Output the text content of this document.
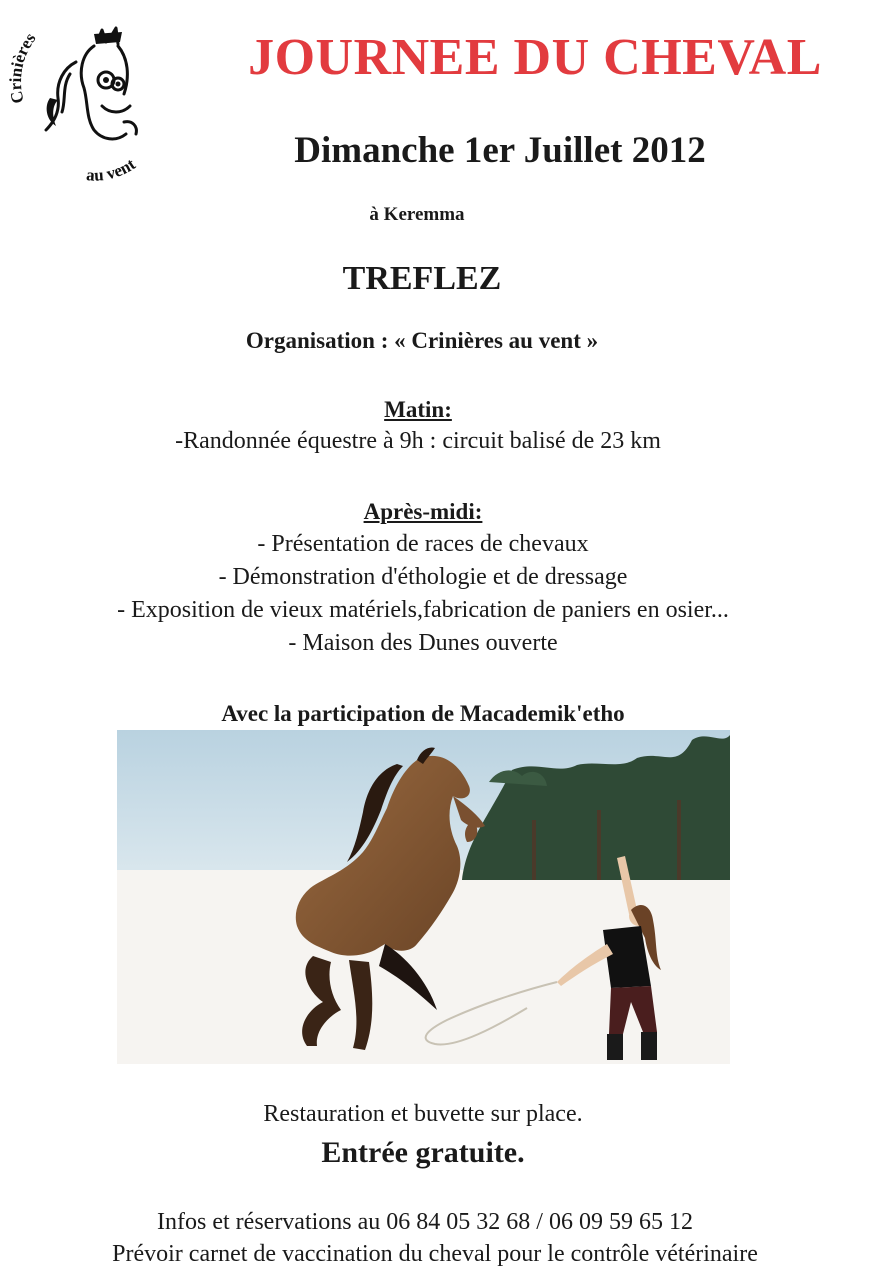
Crinières
au vent
JOURNEE DU CHEVAL
Dimanche 1er Juillet 2012
à Keremma
TREFLEZ
Organisation : « Crinières au vent »
Matin:
-Randonnée équestre à 9h : circuit balisé de 23 km
Après-midi:
- Présentation de races de chevaux
- Démonstration d'éthologie et de dressage
- Exposition de vieux matériels,fabrication de paniers en osier...
- Maison des Dunes ouverte
Avec la participation de Macademik'etho
Restauration et buvette sur place.
Entrée gratuite.
Infos et réservations au 06 84 05 32 68 / 06 09 59 65 12
Prévoir carnet de vaccination du cheval pour le contrôle vétérinaire
